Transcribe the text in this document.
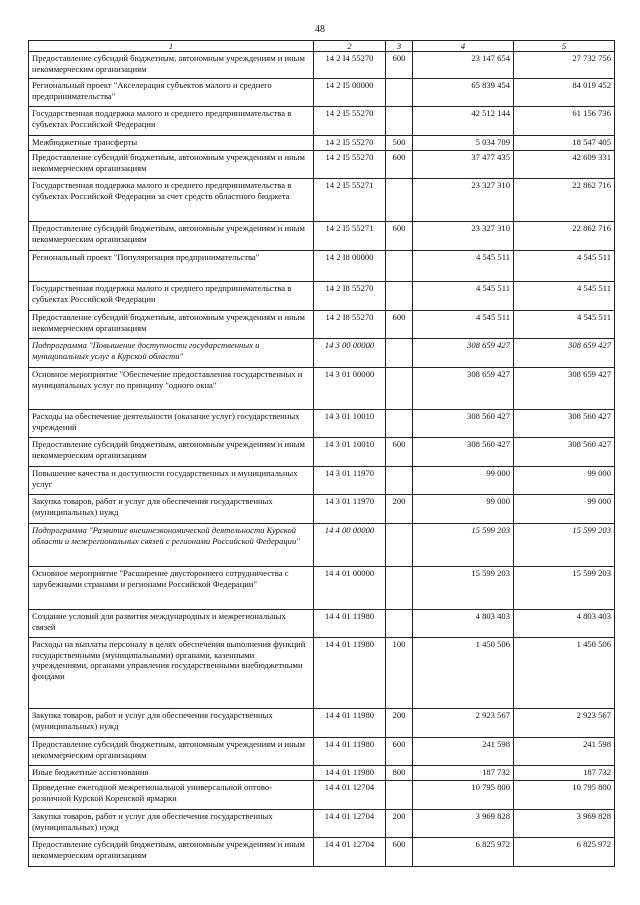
48
1	2	3	4	5
Предоставление субсидий бюджетным, автономным учреждениям и иным некоммерческим организациям	14 2 I4 55270	600	23 147 654	27 732 756
Региональный проект "Акселерация субъектов малого и среднего предпринимательства"	14 2 I5 00000		65 839 454	84 019 452
Государственная поддержка малого и среднего предпринимательства в субъектах Российской Федерации	14 2 I5 55270		42 512 144	61 156 736
Межбюджетные трансферты	14 2 I5 55270	500	5 034 709	18 547 405
Предоставление субсидий бюджетным, автономным учреждениям и иным некоммерческим организациям	14 2 I5 55270	600	37 477 435	42 609 331
Государственная поддержка малого и среднего предпринимательства в субъектах Российской Федерации за счет средств областного бюджета	14 2 I5 55271		23 327 310	22 862 716
Предоставление субсидий бюджетным, автономным учреждениям и иным некоммерческим организациям	14 2 I5 55271	600	23 327 310	22 862 716
Региональный проект "Популяризация предпринимательства"	14 2 I8 00000		4 545 511	4 545 511
Государственная поддержка малого и среднего предпринимательства в субъектах Российской Федерации	14 2 I8 55270		4 545 511	4 545 511
Предоставление субсидий бюджетным, автономным учреждениям и иным некоммерческим организациям	14 2 I8 55270	600	4 545 511	4 545 511
Подпрограмма "Повышение доступности государственных и муниципальных услуг в Курской области"	14 3 00 00000		308 659 427	308 659 427
Основное мероприятие "Обеспечение предоставления государственных и муниципальных услуг по принципу "одного окна"	14 3 01 00000		308 659 427	308 659 427
Расходы на обеспечение деятельности (оказание услуг) государственных учреждений	14 3 01 10010		308 560 427	308 560 427
Предоставление субсидий бюджетным, автономным учреждениям и иным некоммерческим организациям	14 3 01 10010	600	308 560 427	308 560 427
Повышение качества и доступности государственных и муниципальных услуг	14 3 01 11970		99 000	99 000
Закупка товаров, работ и услуг для обеспечения государственных (муниципальных) нужд	14 3 01 11970	200	99 000	99 000
Подпрограмма "Развитие внешнеэкономической деятельности Курской области и межрегиональных связей с регионами Российской Федерации"	14 4 00 00000		15 599 203	15 599 203
Основное мероприятие "Расширение двустороннего сотрудничества с зарубежными странами и регионами Российской Федерации"	14 4 01 00000		15 599 203	15 599 203
Создание условий для развития международных и межрегиональных связей	14 4 01 11980		4 803 403	4 803 403
Расходы на выплаты персоналу в целях обеспечения выполнения функций государственными (муниципальными) органами, казенными учреждениями, органами управления государственными внебюджетными фондами	14 4 01 11980	100	1 450 506	1 450 506
Закупка товаров, работ и услуг для обеспечения государственных (муниципальных) нужд	14 4 01 11980	200	2 923 567	2 923 567
Предоставление субсидий бюджетным, автономным учреждениям и иным некоммерческим организациям	14 4 01 11980	600	241 598	241 598
Иные бюджетные ассигнования	14 4 01 11980	800	187 732	187 732
Проведение ежегодной межрегиональной универсальной оптово-розничной Курской Коренской ярмарки	14 4 01 12704		10 795 800	10 795 800
Закупка товаров, работ и услуг для обеспечения государственных (муниципальных) нужд	14 4 01 12704	200	3 969 828	3 969 828
Предоставление субсидий бюджетным, автономным учреждениям и иным некоммерческим организациям	14 4 01 12704	600	6 825 972	6 825 972
